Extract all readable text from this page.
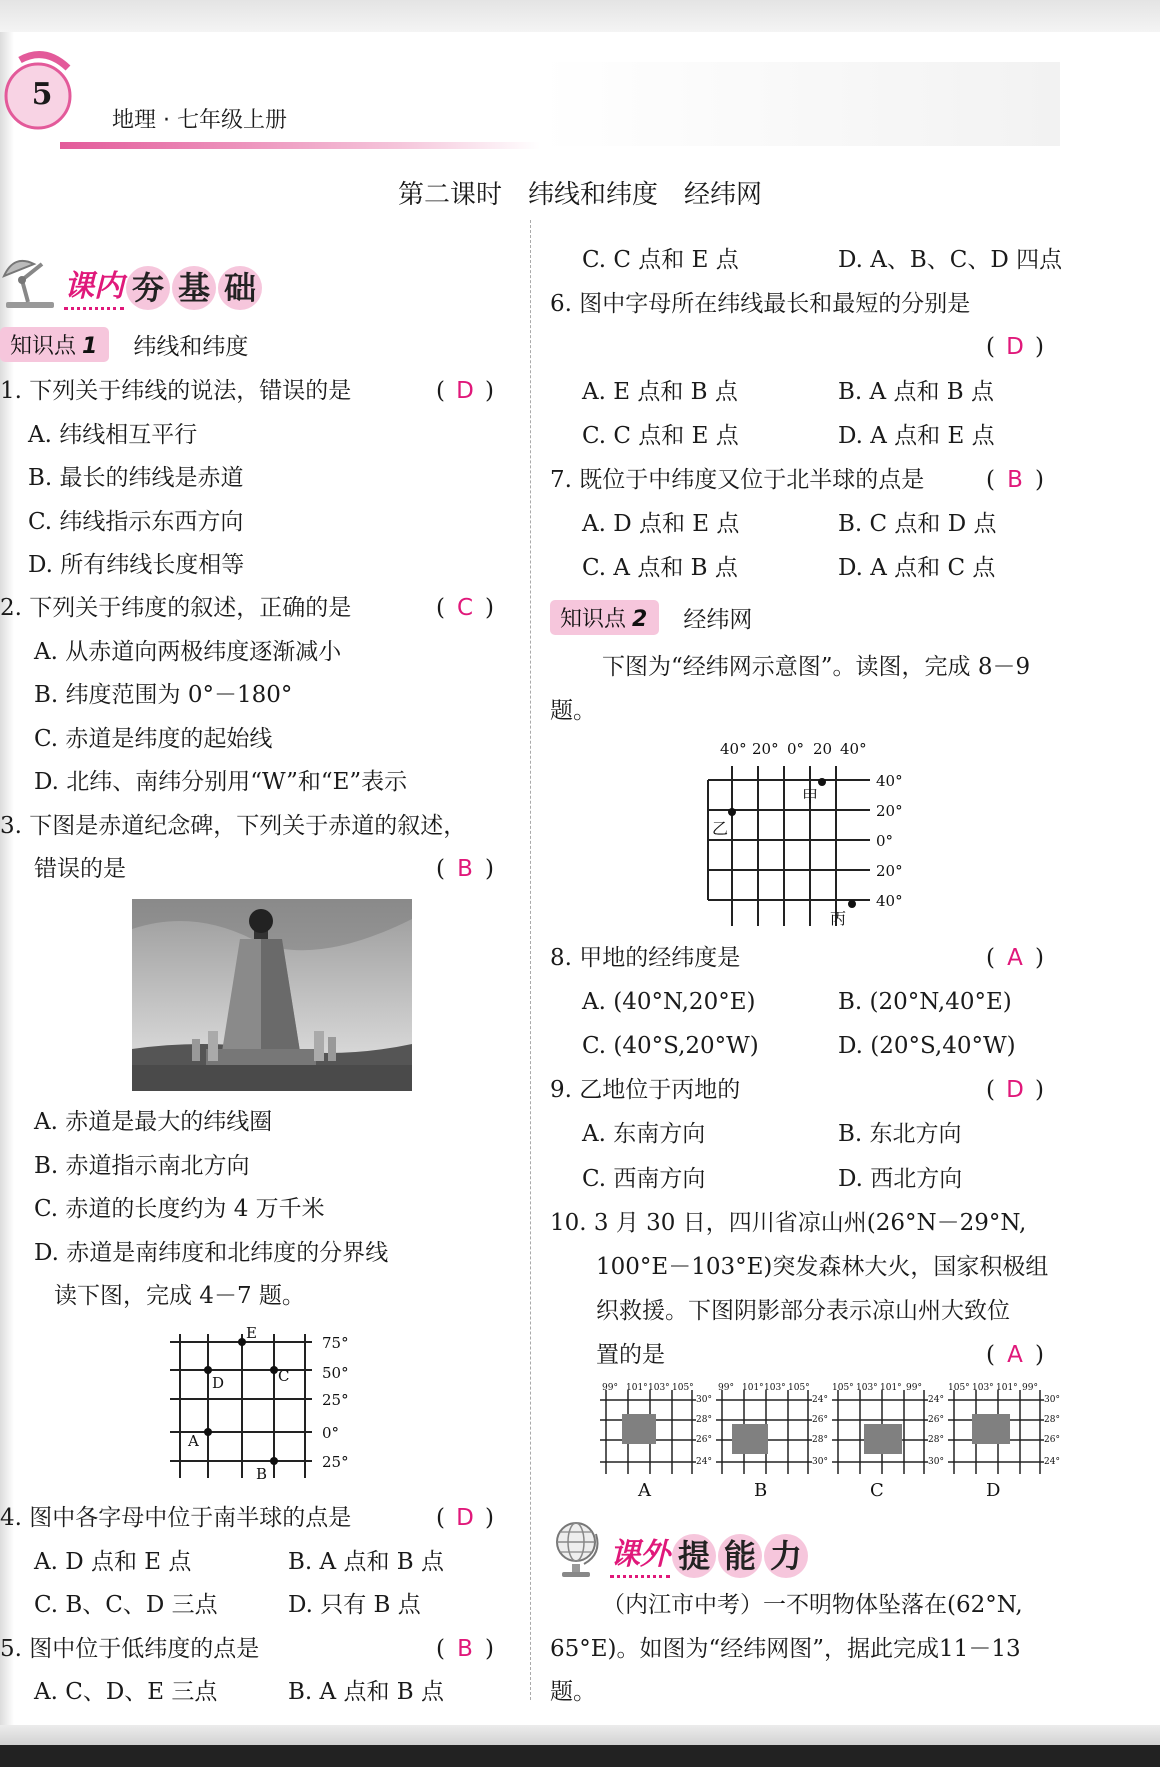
5
地理 · 七年级上册
第二课时　纬线和纬度　经纬网
课内 夯 基 础
知识点 1	纬线和纬度
1. 下列关于纬线的说法，错误的是	( D )
A. 纬线相互平行
B. 最长的纬线是赤道
C. 纬线指示东西方向
D. 所有纬线长度相等
2. 下列关于纬度的叙述，正确的是	( C )
A. 从赤道向两极纬度逐渐减小
B. 纬度范围为 0°－180°
C. 赤道是纬度的起始线
D. 北纬、南纬分别用“W”和“E”表示
3. 下图是赤道纪念碑，下列关于赤道的叙述，
错误的是	( B )
A. 赤道是最大的纬线圈
B. 赤道指示南北方向
C. 赤道的长度约为 4 万千米
D. 赤道是南纬度和北纬度的分界线
读下图，完成 4－7 题。
E
C
D
A
B
75°
50°
25°
0°
25°
4. 图中各字母中位于南半球的点是	( D )
A. D 点和 E 点	B. A 点和 B 点
C. B、C、D 三点	D. 只有 B 点
5. 图中位于低纬度的点是	( B )
A. C、D、E 三点	B. A 点和 B 点
C. C 点和 E 点	D. A、B、C、D 四点
6. 图中字母所在纬线最长和最短的分别是
( D )
A. E 点和 B 点	B. A 点和 B 点
C. C 点和 E 点	D. A 点和 E 点
7. 既位于中纬度又位于北半球的点是	( B )
A. D 点和 E 点	B. C 点和 D 点
C. A 点和 B 点	D. A 点和 C 点
知识点 2	经纬网
下图为“经纬网示意图”。读图，完成 8－9
题。
40° 20° 0° 20 40°
甲
乙
丙
40°
20°
0°
20°
40°
8. 甲地的经纬度是	( A )
A. (40°N,20°E)	B. (20°N,40°E)
C. (40°S,20°W)	D. (20°S,40°W)
9. 乙地位于丙地的	( D )
A. 东南方向	B. 东北方向
C. 西南方向	D. 西北方向
10. 3 月 30 日，四川省凉山州(26°N－29°N,
100°E－103°E)突发森林大火，国家积极组
织救援。下图阴影部分表示凉山州大致位
置的是	( A )
99° 101° 103° 105°
30°
28°
26°
24°
A
99° 101° 103° 105°
24°
26°
28°
30°
B
105° 103° 101° 99°
24°
26°
28°
30°
C
105° 103° 101° 99°
30°
28°
26°
24°
D
课外 提 能 力
（内江市中考）一不明物体坠落在(62°N,
65°E)。如图为“经纬网图”，据此完成11－13
题。
